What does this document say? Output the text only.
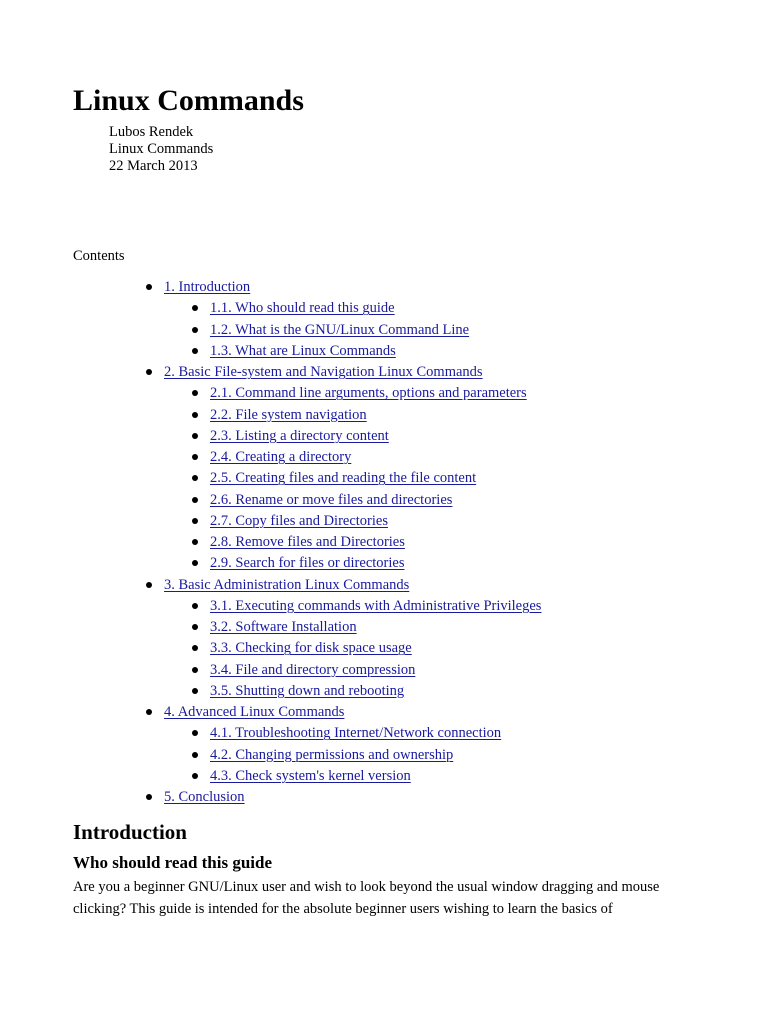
Linux Commands
Lubos Rendek
Linux Commands
22 March 2013
Contents
1. Introduction
1.1. Who should read this guide
1.2. What is the GNU/Linux Command Line
1.3. What are Linux Commands
2. Basic File-system and Navigation Linux Commands
2.1. Command line arguments, options and parameters
2.2. File system navigation
2.3. Listing a directory content
2.4. Creating a directory
2.5. Creating files and reading the file content
2.6. Rename or move files and directories
2.7. Copy files and Directories
2.8. Remove files and Directories
2.9. Search for files or directories
3. Basic Administration Linux Commands
3.1. Executing commands with Administrative Privileges
3.2. Software Installation
3.3. Checking for disk space usage
3.4. File and directory compression
3.5. Shutting down and rebooting
4. Advanced Linux Commands
4.1. Troubleshooting Internet/Network connection
4.2. Changing permissions and ownership
4.3. Check system's kernel version
5. Conclusion
Introduction
Who should read this guide

Are you a beginner GNU/Linux user and wish to look beyond the usual window dragging and mouse clicking? This guide is intended for the absolute beginner users wishing to learn the basics of
